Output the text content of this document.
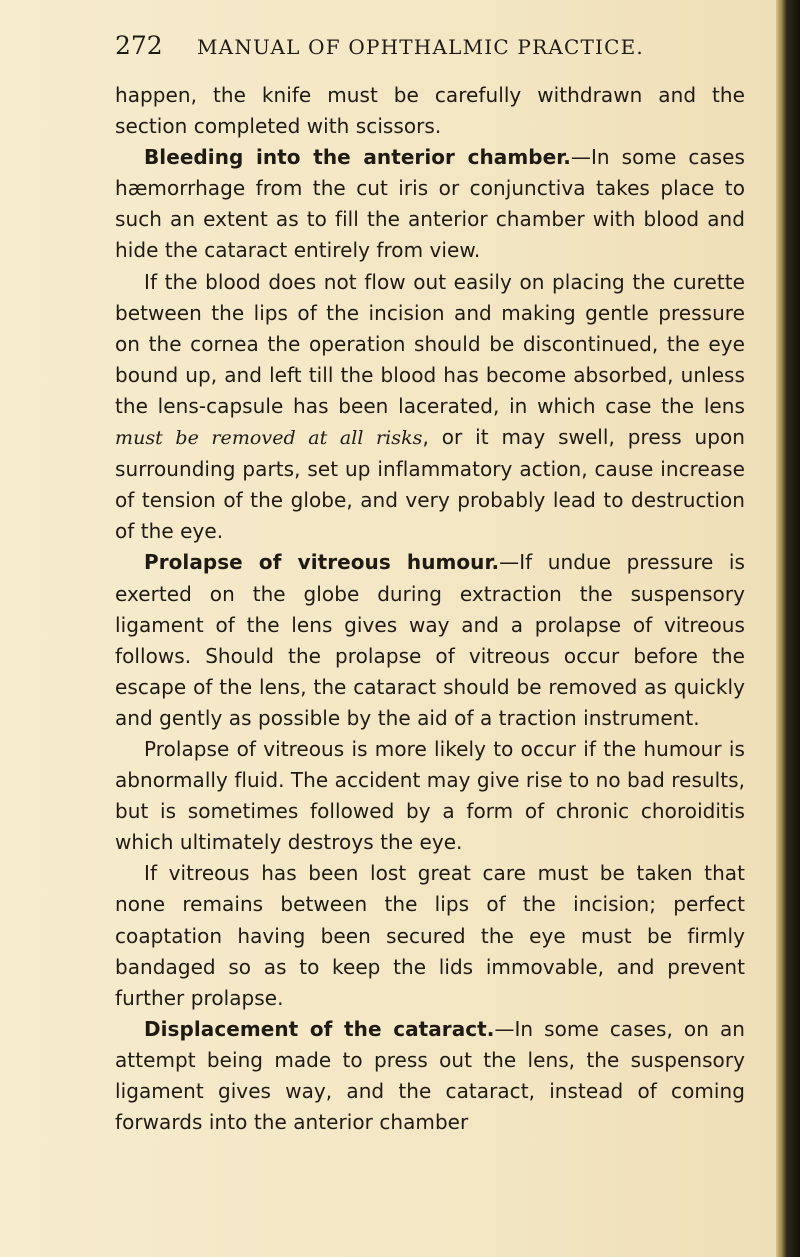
272	MANUAL OF OPHTHALMIC PRACTICE.

happen, the knife must be carefully withdrawn and the section completed with scissors.

Bleeding into the anterior chamber.—In some cases hæmorrhage from the cut iris or conjunctiva takes place to such an extent as to fill the anterior chamber with blood and hide the cataract entirely from view.

If the blood does not flow out easily on placing the curette between the lips of the incision and making gentle pressure on the cornea the operation should be discontinued, the eye bound up, and left till the blood has become absorbed, unless the lens-capsule has been lacerated, in which case the lens must be removed at all risks, or it may swell, press upon surrounding parts, set up inflammatory action, cause increase of tension of the globe, and very probably lead to destruction of the eye.

Prolapse of vitreous humour.—If undue pressure is exerted on the globe during extraction the suspensory ligament of the lens gives way and a prolapse of vitreous follows. Should the prolapse of vitreous occur before the escape of the lens, the cataract should be removed as quickly and gently as possible by the aid of a traction instrument.

Prolapse of vitreous is more likely to occur if the humour is abnormally fluid. The accident may give rise to no bad results, but is sometimes followed by a form of chronic choroiditis which ultimately destroys the eye.

If vitreous has been lost great care must be taken that none remains between the lips of the incision; perfect coaptation having been secured the eye must be firmly bandaged so as to keep the lids immovable, and prevent further prolapse.

Displacement of the cataract.—In some cases, on an attempt being made to press out the lens, the suspensory ligament gives way, and the cataract, instead of coming forwards into the anterior chamber
